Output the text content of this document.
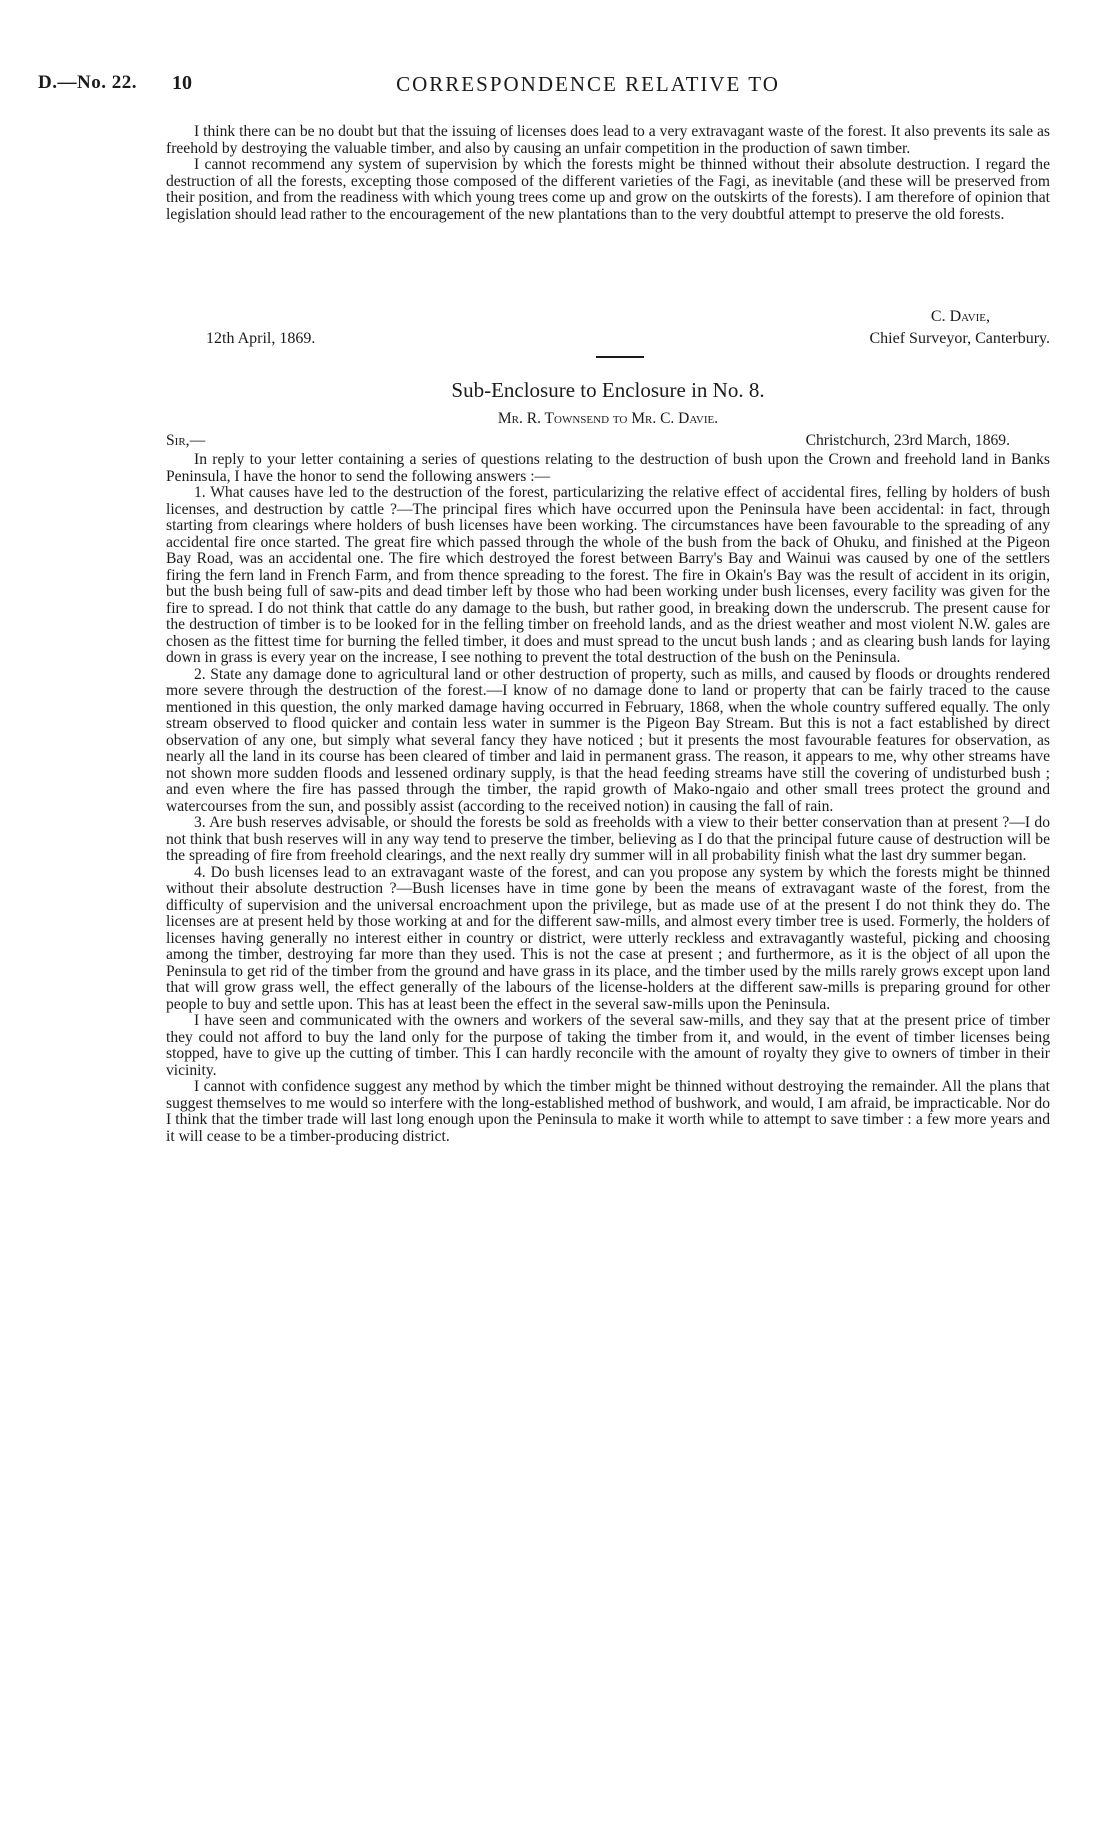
D.—No. 22. 10	CORRESPONDENCE RELATIVE TO

I think there can be no doubt but that the issuing of licenses does lead to a very extravagant waste of the forest. It also prevents its sale as freehold by destroying the valuable timber, and also by causing an unfair competition in the production of sawn timber.

I cannot recommend any system of supervision by which the forests might be thinned without their absolute destruction. I regard the destruction of all the forests, excepting those composed of the different varieties of the Fagi, as inevitable (and these will be preserved from their position, and from the readiness with which young trees come up and grow on the outskirts of the forests). I am therefore of opinion that legislation should lead rather to the encouragement of the new plantations than to the very doubtful attempt to preserve the old forests.

C. Davie,
12th April, 1869.	Chief Surveyor, Canterbury.
Sub-Enclosure to Enclosure in No. 8.
Mr. R. Townsend to Mr. C. Davie.
Sir,—	Christchurch, 23rd March, 1869.

In reply to your letter containing a series of questions relating to the destruction of bush upon the Crown and freehold land in Banks Peninsula, I have the honor to send the following answers :—

1. What causes have led to the destruction of the forest, particularizing the relative effect of accidental fires, felling by holders of bush licenses, and destruction by cattle ?—The principal fires which have occurred upon the Peninsula have been accidental: in fact, through starting from clearings where holders of bush licenses have been working. The circumstances have been favourable to the spreading of any accidental fire once started. The great fire which passed through the whole of the bush from the back of Ohuku, and finished at the Pigeon Bay Road, was an accidental one. The fire which destroyed the forest between Barry's Bay and Wainui was caused by one of the settlers firing the fern land in French Farm, and from thence spreading to the forest. The fire in Okain's Bay was the result of accident in its origin, but the bush being full of saw-pits and dead timber left by those who had been working under bush licenses, every facility was given for the fire to spread. I do not think that cattle do any damage to the bush, but rather good, in breaking down the underscrub. The present cause for the destruction of timber is to be looked for in the felling timber on freehold lands, and as the driest weather and most violent N.W. gales are chosen as the fittest time for burning the felled timber, it does and must spread to the uncut bush lands ; and as clearing bush lands for laying down in grass is every year on the increase, I see nothing to prevent the total destruction of the bush on the Peninsula.

2. State any damage done to agricultural land or other destruction of property, such as mills, and caused by floods or droughts rendered more severe through the destruction of the forest.—I know of no damage done to land or property that can be fairly traced to the cause mentioned in this question, the only marked damage having occurred in February, 1868, when the whole country suffered equally. The only stream observed to flood quicker and contain less water in summer is the Pigeon Bay Stream. But this is not a fact established by direct observation of any one, but simply what several fancy they have noticed ; but it presents the most favourable features for observation, as nearly all the land in its course has been cleared of timber and laid in permanent grass. The reason, it appears to me, why other streams have not shown more sudden floods and lessened ordinary supply, is that the head feeding streams have still the covering of undisturbed bush ; and even where the fire has passed through the timber, the rapid growth of Mako-ngaio and other small trees protect the ground and watercourses from the sun, and possibly assist (according to the received notion) in causing the fall of rain.

3. Are bush reserves advisable, or should the forests be sold as freeholds with a view to their better conservation than at present ?—I do not think that bush reserves will in any way tend to preserve the timber, believing as I do that the principal future cause of destruction will be the spreading of fire from freehold clearings, and the next really dry summer will in all probability finish what the last dry summer began.

4. Do bush licenses lead to an extravagant waste of the forest, and can you propose any system by which the forests might be thinned without their absolute destruction ?—Bush licenses have in time gone by been the means of extravagant waste of the forest, from the difficulty of supervision and the universal encroachment upon the privilege, but as made use of at the present I do not think they do. The licenses are at present held by those working at and for the different saw-mills, and almost every timber tree is used. Formerly, the holders of licenses having generally no interest either in country or district, were utterly reckless and extravagantly wasteful, picking and choosing among the timber, destroying far more than they used. This is not the case at present ; and furthermore, as it is the object of all upon the Peninsula to get rid of the timber from the ground and have grass in its place, and the timber used by the mills rarely grows except upon land that will grow grass well, the effect generally of the labours of the license-holders at the different saw-mills is preparing ground for other people to buy and settle upon. This has at least been the effect in the several saw-mills upon the Peninsula.

I have seen and communicated with the owners and workers of the several saw-mills, and they say that at the present price of timber they could not afford to buy the land only for the purpose of taking the timber from it, and would, in the event of timber licenses being stopped, have to give up the cutting of timber. This I can hardly reconcile with the amount of royalty they give to owners of timber in their vicinity.

I cannot with confidence suggest any method by which the timber might be thinned without destroying the remainder. All the plans that suggest themselves to me would so interfere with the long-established method of bushwork, and would, I am afraid, be impracticable. Nor do I think that the timber trade will last long enough upon the Peninsula to make it worth while to attempt to save timber : a few more years and it will cease to be a timber-producing district.
